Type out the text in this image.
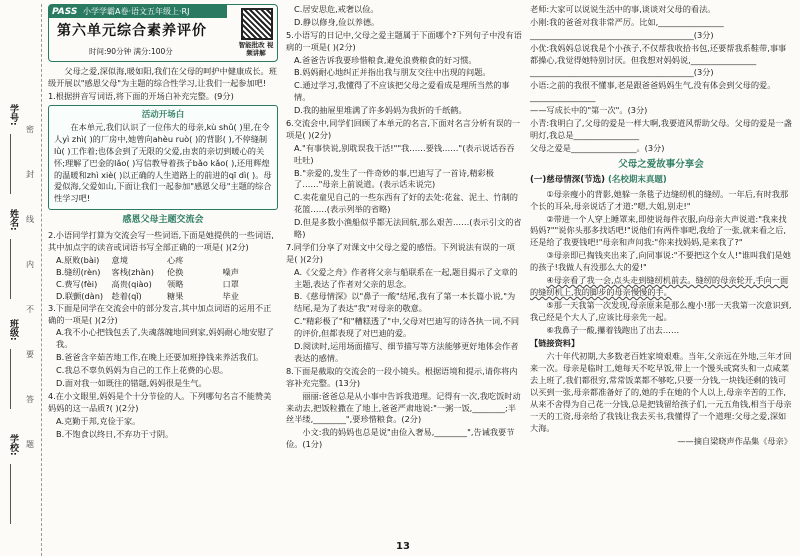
学号:
姓名:
班级:
学校:
密
封
线
内
不
要
答
题
PASS 小学学霸A卷·语文五年级上·RJ
第六单元综合素养评价
时间:90分钟 满分:100分
智能批改 视频讲解

父母之爱,深似海,暖如阳,我们在父母的呵护中健康成长。班级开展以"感恩父母"为主题的综合性学习,让我们一起参加吧!

1.根据拼音写词语,将下面的开场白补充完整。(9分)

活动开场白

在本单元,我们认识了一位伟大的母亲,kù shǔ( )里,在令人yì zhì( )的厂房中,她曾向ahèu ruò( )的背影( ),不停缝制lǜ( )工作着;也体会到了无限的父爱,由衷的亲切到暖心的关怀;理解了巴金的lǎo( )写信教导着孩子bǎo kǎo( ),还用辉煌的温暖和zhì xiè( )以正确的人生道路上的前进的qī dì( )。母爱似海,父爱如山,下面让我们一起参加"感恩父母"主题的综合性学习吧!

感恩父母主题交流会

2.小语同学打算为交流会写一些词语,下面是她提供的一些词语,其中加点字的读音或词语书写全部正确的一项是( )(2分)

A.原败(bài)	意境	心疼
B.缝纫(rèn)	客栈(zhàn)	伦换	噪声
C.费写(fèi)	高贵(qiào)	领略	口罩
D.联颤(dàn)	趁着(qǐ)	糖果	毕业

3.下面是同学在交流会中的部分发言,其中加点词语的运用不正确的一项是( )(2分)

A.我不小心把钱包丢了,失魂落魄地回到家,妈妈耐心地安慰了我。

B.爸爸含辛茹苦地工作,在晚上还要加班挣钱来养活我们。

C.我总不辜负妈妈为自己的工作上花费的心思。

D.面对我一如既往的错题,妈妈很是生气。

4.在小文眼里,妈妈是个十分节俭的人。下列哪句名言不能赞美妈妈的这一品质?( )(2分)

A.克勤于邦,克俭于家。

B.不饱食以终日,不弃功于寸阴。

C.居安思危,戒奢以俭。

D.静以修身,俭以养德。

5.小语写的日记中,父母之爱主题属于下面哪个?下列句子中没有语病的一项是( )(2分)

A.爸爸告诉我要珍惜粮食,避免浪费粮食的好习惯。

B.妈妈耐心地纠正并指出我与朋友交往中出现的问题。

C.通过学习,我懂得了不应该把父母之爱看成是理所当然的事情。

D.我的抽屉里堆满了许多妈妈为我折的千纸鹤。

6.交流会中,同学们回顾了本单元的名言,下面对名言分析有误的一项是( )(2分)

A."有事快说,别耽误我干活!""我……要钱……"(表示说话吞吞吐吐)

B."亲爱的,发生了一件奇妙的事,巴迪写了一首诗,精彩极了……"母亲上前说道。(表示话未说完)

C.卖花童见自己的一些东西有了好的去处:花盆、泥土、竹制的花篮……(表示列举的省略)

D.但是多数小渔船似乎都无法回航,那么艰苦……(表示引文的省略)

7.同学们分享了对课文中父母之爱的感悟。下列说法有误的一项是( )(2分)

A.《父爱之舟》作者将父亲与船联系在一起,题目揭示了文章的主题,表达了作者对父亲的思念。

B.《慈母情深》以"鼻子一酸"结尾,我有了第一本长篇小说,"为结尾,是为了表达"我"对母亲的敬意。

C."精彩极了"和"糟糕透了"中,父母对巴迪写的诗各执一词,不同的评价,但都表现了对巴迪的爱。

D.阅读时,运用场面描写、细节描写等方法能够更好地体会作者表达的感情。

8.下面是截取的交流会的一段小镜头。根据语境和提示,请你将内容补充完整。(13分)

丽丽:爸爸总是从小事中告诉我道理。记得有一次,我吃饭时动来动去,把饭粒撒在了地上,爸爸严肃地说:"一粥一饭,________;半丝半缕,________",要珍惜粮食。(2分)

小文:我的妈妈也总是说"由俭入奢易,________",告诫我要节俭。(1分)

老师:大家可以说说生活中的事,谈谈对父母的看法。

小刚:我的爸爸对我非常严厉。比如,________________

________________________________________(3分)

小优:我妈妈总说我是个小孩子,不仅帮我收拾书包,还要帮我系鞋带,事事都操心,我觉得她特别讨厌。但我想对妈妈说,________________

________________________________________(3分)

小语:之前的我很不懂事,老是跟爸爸妈妈生气,没有体会到父母的爱。________________

——写成长中的"第一次"。(3分)

小青:我明白了,父母的爱是一样大啊,我要道风帮助父母。父母的爱是一盏明灯,我总是________________

父母之爱是________________。(3分)

父母之爱故事分享会
(一)慈母情深(节选) (名校期末真题)

①母亲瘦小的背影,她躲一条毯子边缝纫机的缝纫。一年后,有时我那个长的耳朵,母亲说话了才道:"嗯,大姐,别走!"

②带进一个人穿上睡罩来,即使说每件衣服,向母亲大声说道:"我来找妈妈?""说你头那多找话吧!"说他们有两件事吧,我给了一张,就来看之后,还是给了我要钱吧!"母亲和声问我:"你来找妈妈,是来我了?"

③母亲即已掏钱夹出来了,向同事说:"不要把这个女人!"谁叫我们是她的孩子!我做人有没那么大的爱!"

④母亲看了我一会,点头走到缝纫机前去。缝纫的母亲轮开,手向一面的缝纫机上,我的脚步的母亲慢慢的手。

⑤那一天我第一次发现,母亲原来是那么瘦小!那一天我第一次意识到,我己经是个大人了,应该比母亲先一起。

⑥我鼻子一酸,攥着钱跑出了出去……

【链接资料】

六十年代初期,大多数老百姓家境艰难。当年,父亲远在外地,三年才回来一次。母亲是临时工,她每天不吃早饭,带上一个馒头或窝头和一点咸菜去上班了,我们都很穷,常常饭菜都不够吃,只要一分钱,一块钱还剩的钱可以买到一张,母亲都准备好了的,她的手在她的个人以上,母亲辛苦的工作,从来不舍得为自己花一分钱,总是把钱留给孩子们,一元五角钱,相当于母亲一天的工资,母亲给了我钱让我去买书,我懂得了一个道理:父母之爱,深如大海。

——摘自梁晓声作品集《母亲》

13
